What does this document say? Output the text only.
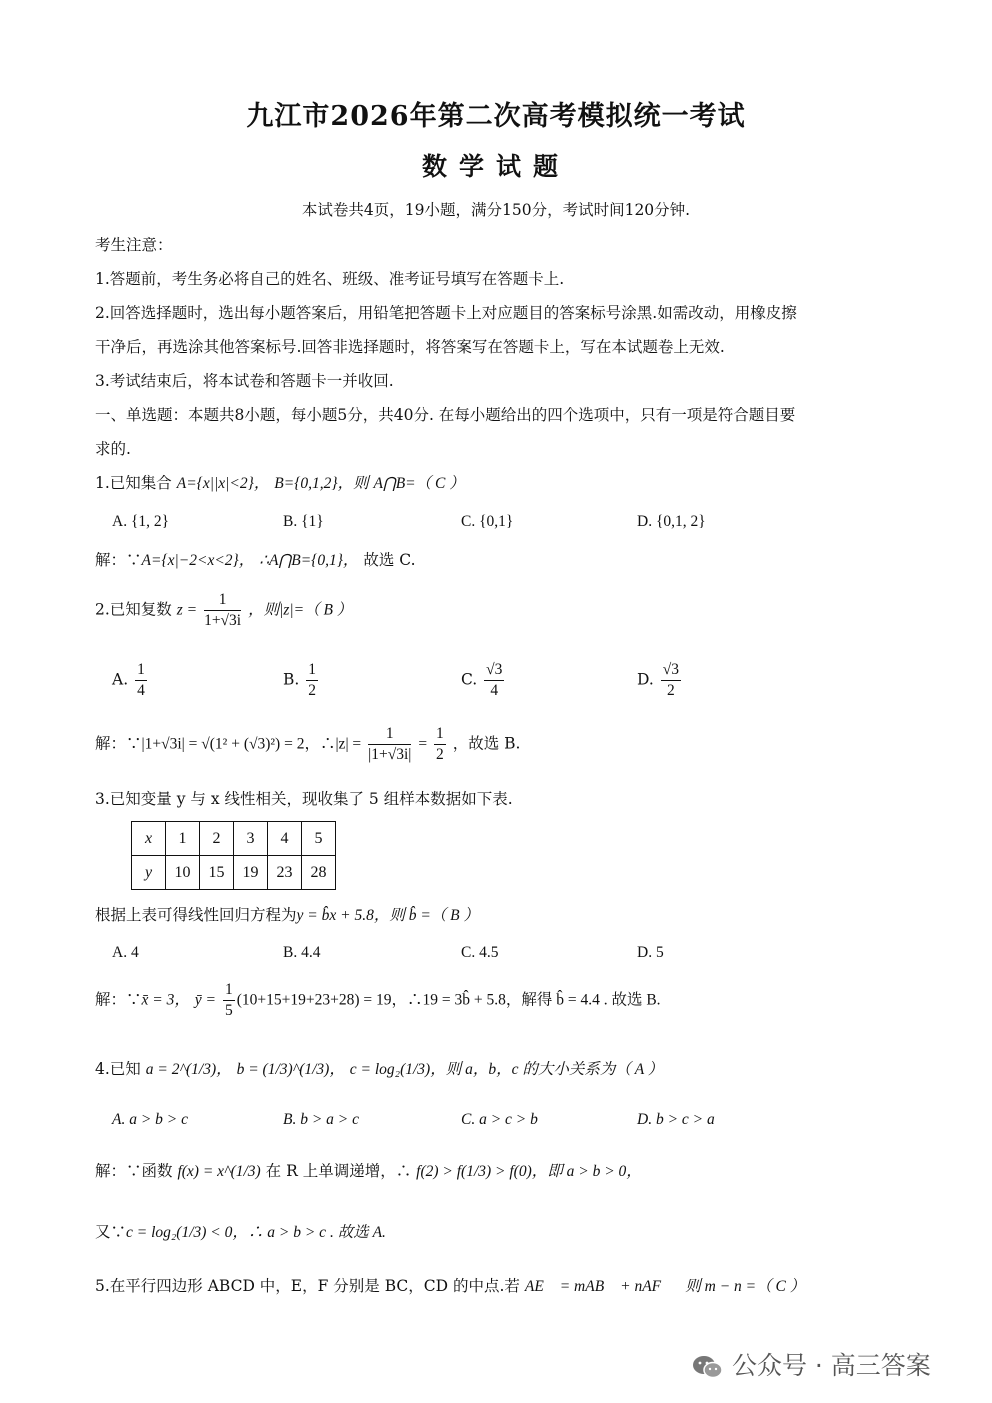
九江市2026年第二次高考模拟统一考试
数学试题
本试卷共4页，19小题，满分150分，考试时间120分钟.
考生注意：
1.答题前，考生务必将自己的姓名、班级、准考证号填写在答题卡上.
2.回答选择题时，选出每小题答案后，用铅笔把答题卡上对应题目的答案标号涂黑.如需改动，用橡皮擦
干净后，再选涂其他答案标号.回答非选择题时，将答案写在答题卡上，写在本试题卷上无效.
3.考试结束后，将本试卷和答题卡一并收回.
一、单选题：本题共8小题，每小题5分，共40分. 在每小题给出的四个选项中，只有一项是符合题目要
求的.
1.已知集合 A={x||x|<2}， B={0,1,2}，则 A⋂B=（ C ）
A. {1, 2}	B. {1}	C. {0,1}	D. {0,1, 2}
解：∵A={x|−2<x<2}， ∴A⋂B={0,1}， 故选 C.
2.已知复数 $z = \frac{1}{1+√3i}$ ，则|z|=（ B ）
A. $\frac{1}{4}$	B. $\frac{1}{2}$	C. $\frac{√3}{4}$	D. $\frac{√3}{2}$
解：∵|1+√3i| = √(1² + (√3)²) = 2，∴|z| = $\frac{1}{|1+√3i|} = \frac{1}{2}$ ，故选 B.
3.已知变量 y 与 x 线性相关，现收集了 5 组样本数据如下表.
x	1	2	3	4	5
y	10	15	19	23	28
根据上表可得线性回归方程为y = b̂x + 5.8，则 b̂ =（ B ）
A. 4	B. 4.4	C. 4.5	D. 5
解：∵x̄ = 3， ȳ = $\frac{1}{5} (10+15+19+23+28) = 19$，∴19 = 3b̂ + 5.8，解得 b̂ = 4.4 . 故选 B.
4.已知 a = 2^(1/3)， b = (1/3)^(1/3)， c = log₂(1/3)，则 a，b，c 的大小关系为（ A ）
A. a > b > c	B. b > a > c	C. a > c > b	D. b > c > a
解：∵函数 f(x) = x^(1/3) 在 R 上单调递增，∴ f(2) > f(1/3) > f(0)，即 a > b > 0，
又∵c = log₂(1/3) < 0，∴ a > b > c . 故选 A.
5.在平行四边形 ABCD 中，E，F 分别是 BC，CD 的中点.若 AE⃗ = mAB⃗ + nAF⃗，则 m − n =（ C ）
公众号 · 高三答案
